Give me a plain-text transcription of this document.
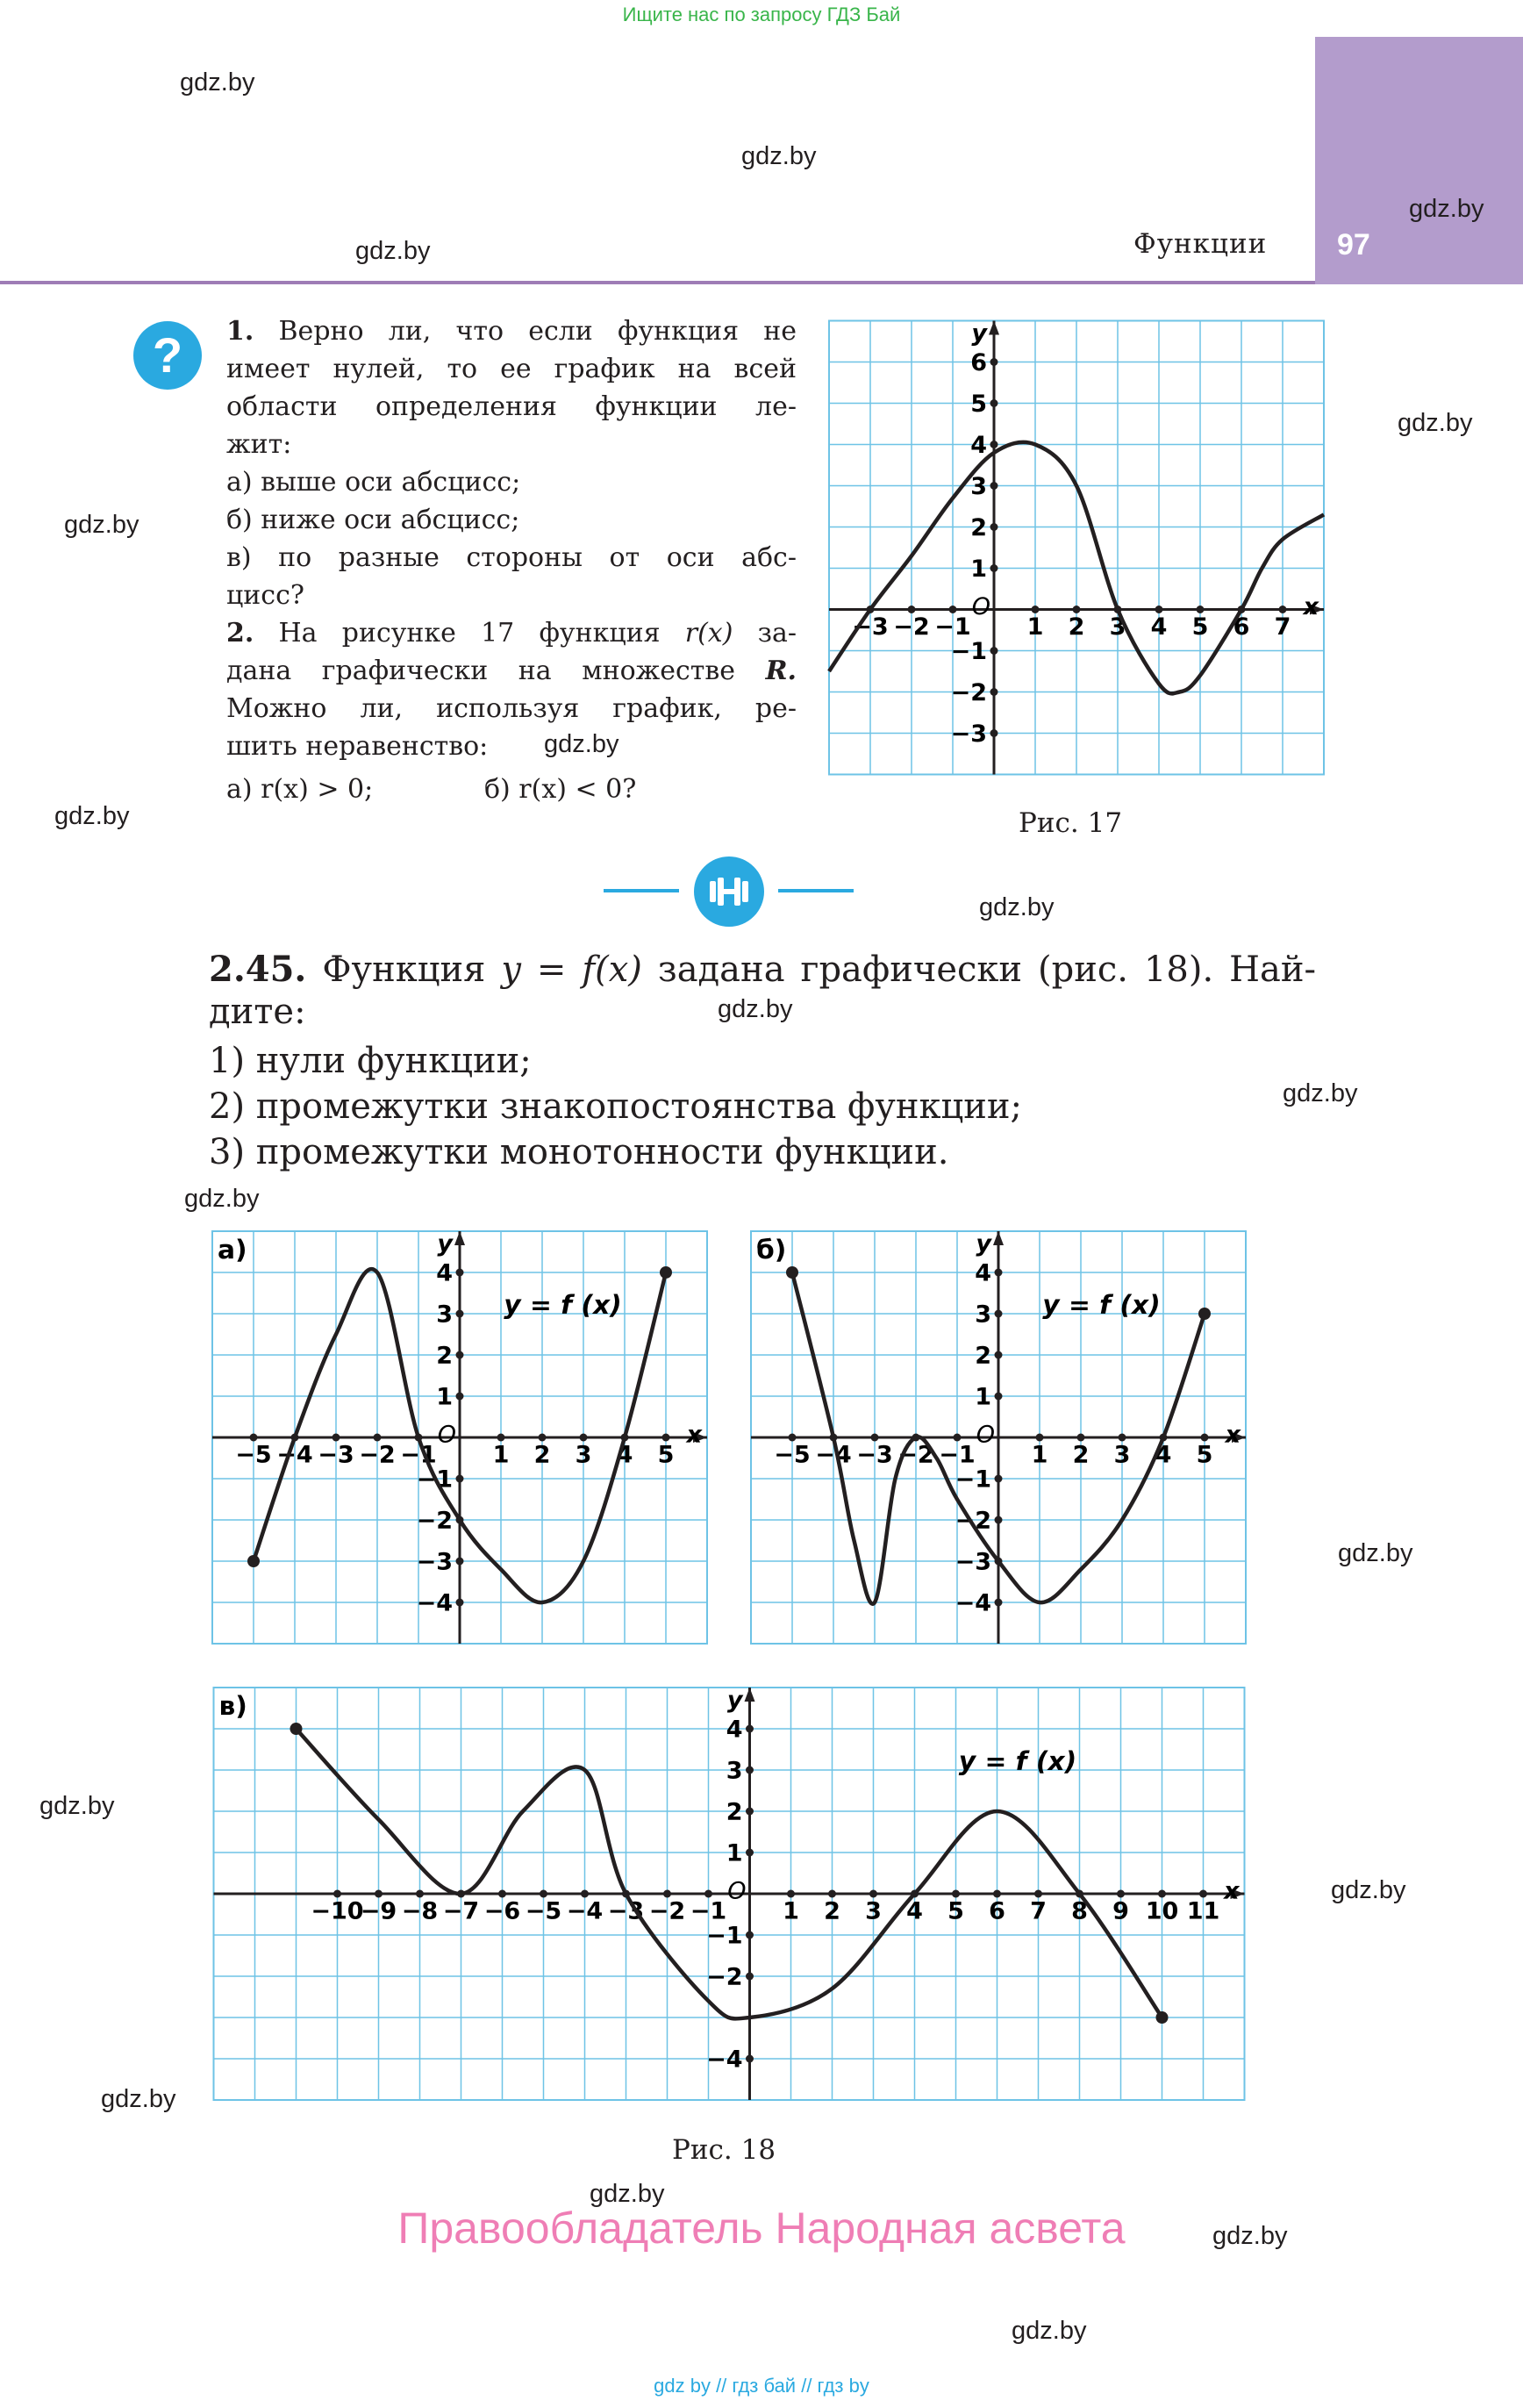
Ищите нас по запросу ГДЗ Бай
Функции 97
gdz.by
gdz.by
gdz.by
gdz.by
gdz.by
gdz.by
gdz.by
gdz.by
gdz.by
gdz.by
gdz.by
gdz.by
gdz.by
gdz.by
gdz.by
gdz.by
gdz.by
gdz.by
gdz.by
?	1. Верно ли, что если функция не
имеет нулей, то ее график на всей
области определения функции ле-
жит:
а) выше оси абсцисс;
б) ниже оси абсцисс;
в) по разные стороны от оси абс-
цисс?
2. На рисунке 17 функция r(x) за-
дана графически на множестве R.
Можно ли, используя график, ре-
шить неравенство:
а) r(x) > 0;	б) r(x) < 0?
x
y
O
−3 −2 −1 1 2 3 4 5 6 7
−3
−2
−1
1
2
3
4
5
6
Рис. 17
2.45. Функция y = f(x) задана графически (рис. 18). Най-
дите:
1) нули функции;
2) промежутки знакопостоянства функции;
3) промежутки монотонности функции.
x
y
O
−5 −4 −3 −2 −1 1 2 3 4 5
−4
−3
−2
−1
1
2
3
4
а)
y = f (x)
x
y
O
−5 −4 −3 −2 −1 1 2 3 4 5
−4
−3
−2
−1
1
2
3
4
б)
y = f (x)
x
y
O
−10
−9 −8 −7 −6 −5 −4 −3 −2 −1 1 2 3 4 5 6 7 8 9 10 11
−4
−2
−1
1
2
3
4
в)
y = f (x)
Рис. 18
Правообладатель Народная асвета
gdz by // гдз бай // гдз by
